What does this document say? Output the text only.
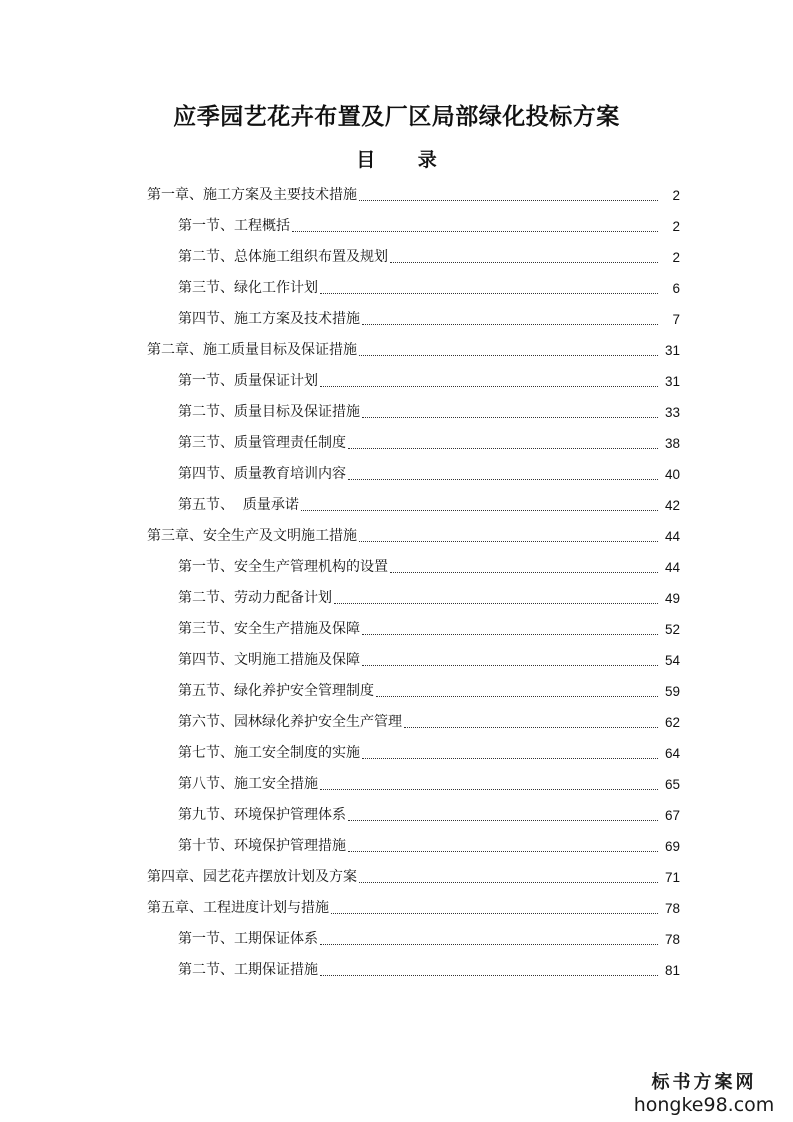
应季园艺花卉布置及厂区局部绿化投标方案
目 录
第一章、施工方案及主要技术措施	2
第一节、工程概括	2
第二节、总体施工组织布置及规划	2
第三节、绿化工作计划	6
第四节、施工方案及技术措施	7
第二章、施工质量目标及保证措施	31
第一节、质量保证计划	31
第二节、质量目标及保证措施	33
第三节、质量管理责任制度	38
第四节、质量教育培训内容	40
第五节、  质量承诺	42
第三章、安全生产及文明施工措施	44
第一节、安全生产管理机构的设置	44
第二节、劳动力配备计划	49
第三节、安全生产措施及保障	52
第四节、文明施工措施及保障	54
第五节、绿化养护安全管理制度	59
第六节、园林绿化养护安全生产管理	62
第七节、施工安全制度的实施	64
第八节、施工安全措施	65
第九节、环境保护管理体系	67
第十节、环境保护管理措施	69
第四章、园艺花卉摆放计划及方案	71
第五章、工程进度计划与措施	78
第一节、工期保证体系	78
第二节、工期保证措施	81
标书方案网
hongke98.com
